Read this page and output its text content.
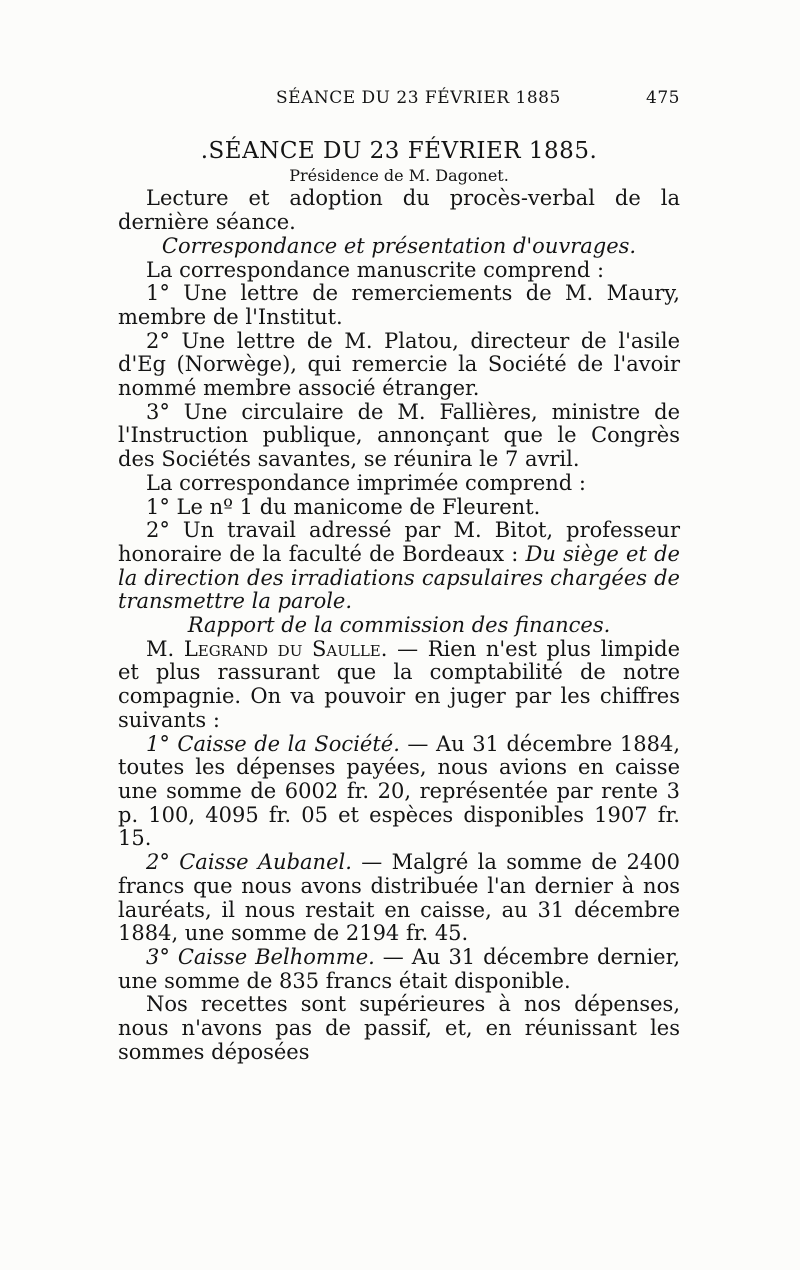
SÉANCE DU 23 FÉVRIER 1885	475

.SÉANCE DU 23 FÉVRIER 1885.

Présidence de M. Dagonet.

Lecture et adoption du procès-verbal de la dernière séance.

Correspondance et présentation d'ouvrages.

La correspondance manuscrite comprend :

1° Une lettre de remerciements de M. Maury, membre de l'Institut.

2° Une lettre de M. Platou, directeur de l'asile d'Eg (Norwège), qui remercie la Société de l'avoir nommé membre associé étranger.

3° Une circulaire de M. Fallières, ministre de l'Instruction publique, annonçant que le Congrès des Sociétés savantes, se réunira le 7 avril.

La correspondance imprimée comprend :

1° Le nº 1 du manicome de Fleurent.

2° Un travail adressé par M. Bitot, professeur honoraire de la faculté de Bordeaux : Du siège et de la direction des irradiations capsulaires chargées de transmettre la parole.

Rapport de la commission des finances.

M. Legrand du Saulle. — Rien n'est plus limpide et plus rassurant que la comptabilité de notre compagnie. On va pouvoir en juger par les chiffres suivants :

1° Caisse de la Société. — Au 31 décembre 1884, toutes les dépenses payées, nous avions en caisse une somme de 6002 fr. 20, représentée par rente 3 p. 100, 4095 fr. 05 et espèces disponibles 1907 fr. 15.

2° Caisse Aubanel. — Malgré la somme de 2400 francs que nous avons distribuée l'an dernier à nos lauréats, il nous restait en caisse, au 31 décembre 1884, une somme de 2194 fr. 45.

3° Caisse Belhomme. — Au 31 décembre dernier, une somme de 835 francs était disponible.

Nos recettes sont supérieures à nos dépenses, nous n'avons pas de passif, et, en réunissant les sommes déposées
